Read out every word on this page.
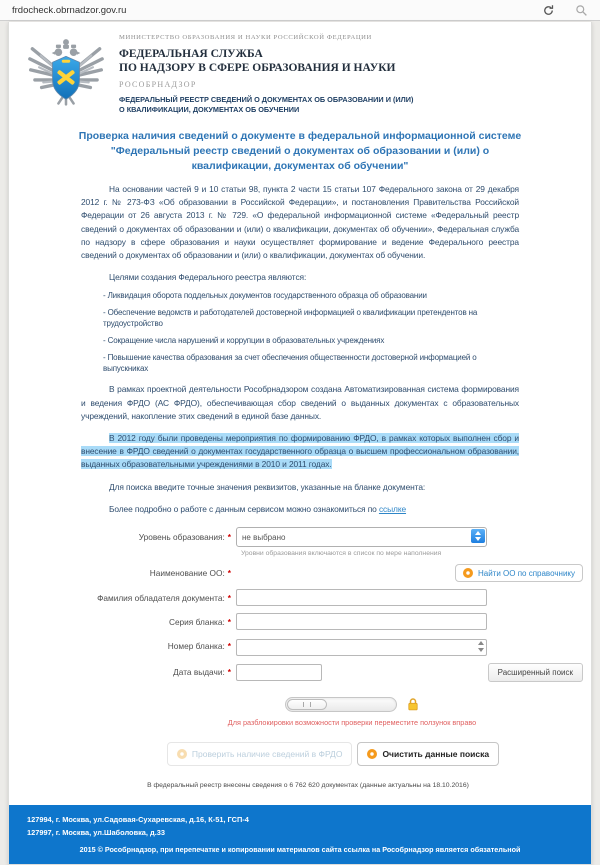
frdocheck.obrnadzor.gov.ru
МИНИСТЕРСТВО ОБРАЗОВАНИЯ И НАУКИ РОССИЙСКОЙ ФЕДЕРАЦИИ
ФЕДЕРАЛЬНАЯ СЛУЖБА
ПО НАДЗОРУ В СФЕРЕ ОБРАЗОВАНИЯ И НАУКИ
РОСОБРНАДЗОР
ФЕДЕРАЛЬНЫЙ РЕЕСТР СВЕДЕНИЙ О ДОКУМЕНТАХ ОБ ОБРАЗОВАНИИ И (ИЛИ)
О КВАЛИФИКАЦИИ, ДОКУМЕНТАХ ОБ ОБУЧЕНИИ
Проверка наличия сведений о документе в федеральной информационной системе "Федеральный реестр сведений о документах об образовании и (или) о квалификации, документах об обучении"

На основании частей 9 и 10 статьи 98, пункта 2 части 15 статьи 107 Федерального закона от 29 декабря 2012 г. № 273-ФЗ «Об образовании в Российской Федерации», и постановления Правительства Российской Федерации от 26 августа 2013 г. № 729. «О федеральной информационной системе «Федеральный реестр сведений о документах об образовании и (или) о квалификации, документах об обучении», Федеральная служба по надзору в сфере образования и науки осуществляет формирование и ведение Федерального реестра сведений о документах об образовании и (или) о квалификации, документах об обучении.

Целями создания Федерального реестра являются:

- Ликвидация оборота поддельных документов государственного образца об образовании
- Обеспечение ведомств и работодателей достоверной информацией о квалификации претендентов на трудоустройство
- Сокращение числа нарушений и коррупции в образовательных учреждениях
- Повышение качества образования за счет обеспечения общественности достоверной информацией о выпускниках

В рамках проектной деятельности Рособрнадзором создана Автоматизированная система формирования и ведения ФРДО (АС ФРДО), обеспечивающая сбор сведений о выданных документах с образовательных учреждений, накопление этих сведений в единой базе данных.

В 2012 году были проведены мероприятия по формированию ФРДО, в рамках которых выполнен сбор и внесение в ФРДО сведений о документах государственного образца о высшем профессиональном образовании, выданных образовательными учреждениями в 2010 и 2011 годах.

Для поиска введите точные значения реквизитов, указанные на бланке документа:

Более подробно о работе с данным сервисом можно ознакомиться по ссылке

Уровень образования: *	не выбрано
Уровни образования включаются в список по мере наполнения
Наименование ОО: *	Найти ОО по справочнику
Фамилия обладателя документа: *
Серия бланка: *
Номер бланка: *
Дата выдачи: *	Расширенный поиск
Для разблокировки возможности проверки переместите ползунок вправо
Проверить наличие сведений в ФРДО	Очистить данные поиска
В федеральный реестр внесены сведения о 6 762 620 документах (данные актуальны на 18.10.2016)
127994, г. Москва, ул.Садовая-Сухаревская, д.16, К-51, ГСП-4
127997, г. Москва, ул.Шаболовка, д.33
2015 © Рособрнадзор, при перепечатке и копировании материалов сайта ссылка на Рособрнадзор является обязательной
